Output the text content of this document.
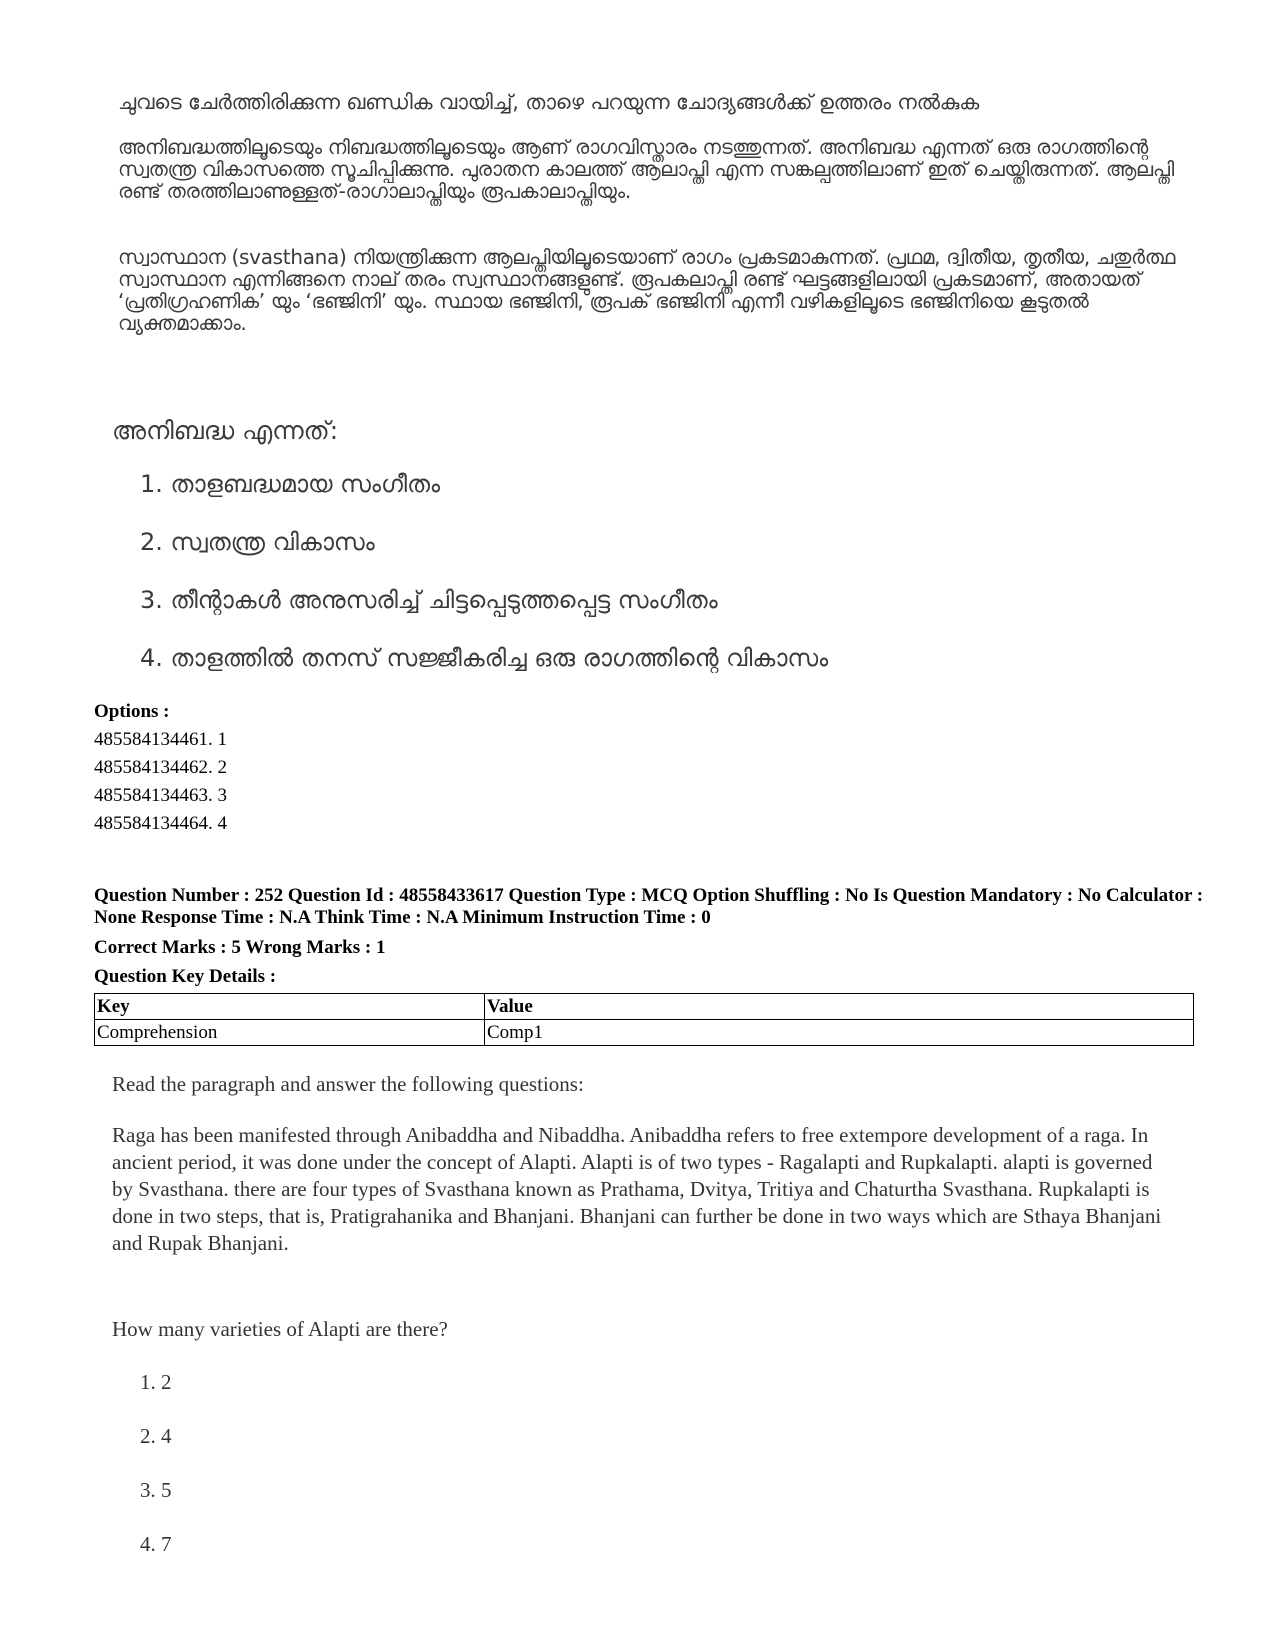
ചുവടെ ചേർത്തിരിക്കുന്ന ഖണ്ഡിക വായിച്ച്, താഴെ പറയുന്ന ചോദ്യങ്ങൾക്ക് ഉത്തരം നൽകുക
അനിബദ്ധത്തിലൂടെയും നിബദ്ധത്തിലൂടെയും ആണ് രാഗവിസ്താരം നടത്തുന്നത്. അനിബദ്ധ എന്നത് ഒരു രാഗത്തിന്റെ സ്വതന്ത്ര വികാസത്തെ സൂചിപ്പിക്കുന്നു. പുരാതന കാലത്ത് ആലാപ്തി എന്ന സങ്കല്പത്തിലാണ് ഇത് ചെയ്തിരുന്നത്. ആലപ്തി രണ്ട് തരത്തിലാണുള്ളത്-രാഗാലാപ്തിയും രൂപകാലാപ്തിയും.
സ്വാസ്ഥാന (svasthana) നിയന്ത്രിക്കുന്ന ആലപ്തിയിലൂടെയാണ് രാഗം പ്രകടമാകുന്നത്. പ്രഥമ, ദ്വിതീയ, തൃതീയ, ചതുർത്ഥ സ്വാസ്ഥാന എന്നിങ്ങനെ നാല് തരം സ്വസ്ഥാനങ്ങളുണ്ട്. രൂപകലാപ്തി രണ്ട് ഘട്ടങ്ങളിലായി പ്രകടമാണ്, അതായത് ‘പ്രതിഗ്രഹണിക’ യും ‘ഭഞ്ജിനി’ യും. സ്ഥായ ഭഞ്ജിനി, രൂപക് ഭഞ്ജിനി എന്നീ വഴികളിലൂടെ ഭഞ്ജിനിയെ കൂടുതൽ വ്യക്തമാക്കാം.
അനിബദ്ധ എന്നത്:
1. താളബദ്ധമായ സംഗീതം
2. സ്വതന്ത്ര വികാസം
3. തീന്റാകൾ അനുസരിച്ച് ചിട്ടപ്പെടുത്തപ്പെട്ട സംഗീതം
4. താളത്തിൽ തനസ് സജ്ജീകരിച്ച ഒരു രാഗത്തിന്റെ വികാസം
Options :
485584134461. 1
485584134462. 2
485584134463. 3
485584134464. 4
Question Number : 252 Question Id : 48558433617 Question Type : MCQ Option Shuffling : No Is Question Mandatory : No Calculator : None Response Time : N.A Think Time : N.A Minimum Instruction Time : 0
Correct Marks : 5 Wrong Marks : 1
Question Key Details :
Key	Value
Comprehension	Comp1
Read the paragraph and answer the following questions:
Raga has been manifested through Anibaddha and Nibaddha. Anibaddha refers to free extempore development of a raga. In ancient period, it was done under the concept of Alapti. Alapti is of two types - Ragalapti and Rupkalapti. alapti is governed by Svasthana. there are four types of Svasthana known as Prathama, Dvitya, Tritiya and Chaturtha Svasthana. Rupkalapti is done in two steps, that is, Pratigrahanika and Bhanjani. Bhanjani can further be done in two ways which are Sthaya Bhanjani and Rupak Bhanjani.
How many varieties of Alapti are there?
1. 2
2. 4
3. 5
4. 7
